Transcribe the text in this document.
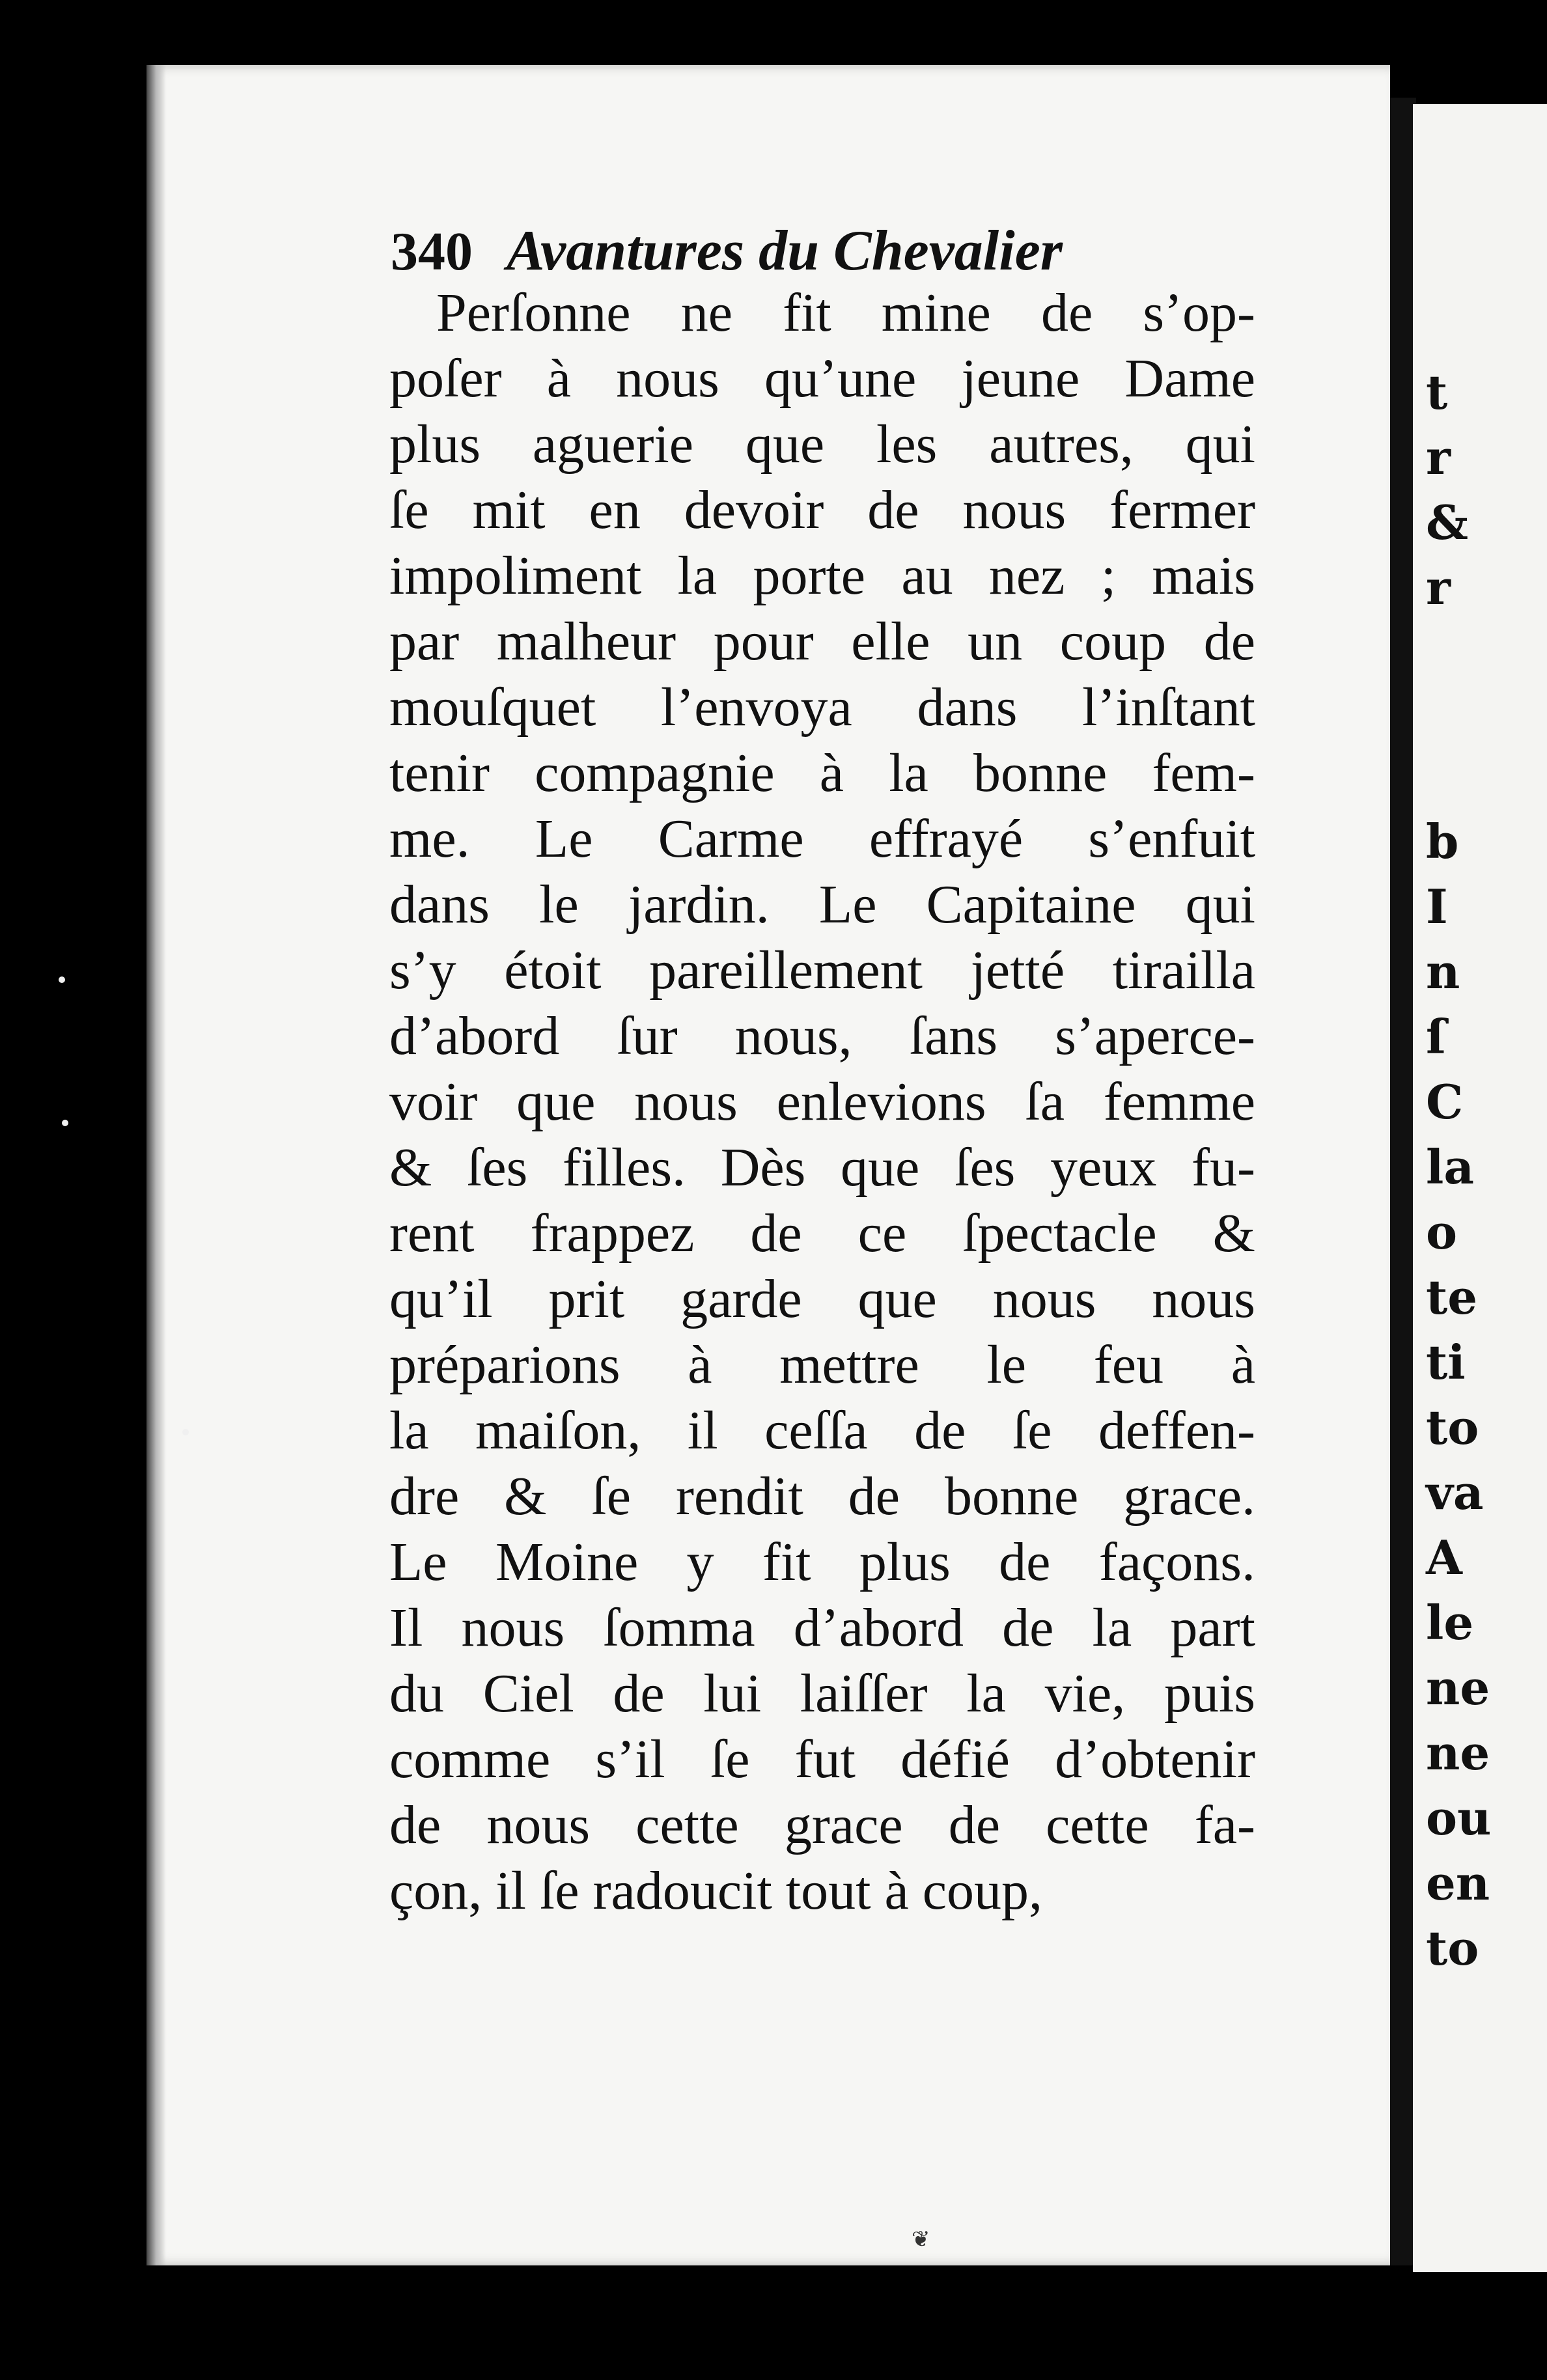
t
r
&
r
b
I
n
ſ
C
la
o
te
ti
to
va
A
le
ne
ne
ou
en
to
340 Avantures du Chevalier
Perſonne ne fit mine de s’op-
poſer à nous qu’une jeune Dame
plus aguerie que les autres, qui
ſe mit en devoir de nous fermer
impoliment la porte au nez ; mais
par malheur pour elle un coup de
mouſquet l’envoya dans l’inſtant
tenir compagnie à la bonne fem-
me. Le Carme effrayé s’enfuit
dans le jardin. Le Capitaine qui
s’y étoit pareillement jetté tirailla
d’abord ſur nous, ſans s’aperce-
voir que nous enlevions ſa femme
& ſes filles. Dès que ſes yeux fu-
rent frappez de ce ſpectacle &
qu’il prit garde que nous nous
préparions à mettre le feu à
la maiſon, il ceſſa de ſe deffen-
dre & ſe rendit de bonne grace.
Le Moine y fit plus de façons.
Il nous ſomma d’abord de la part
du Ciel de lui laiſſer la vie, puis
comme s’il ſe fut défié d’obtenir
de nous cette grace de cette fa-
çon, il ſe radoucit tout à coup,
❦
